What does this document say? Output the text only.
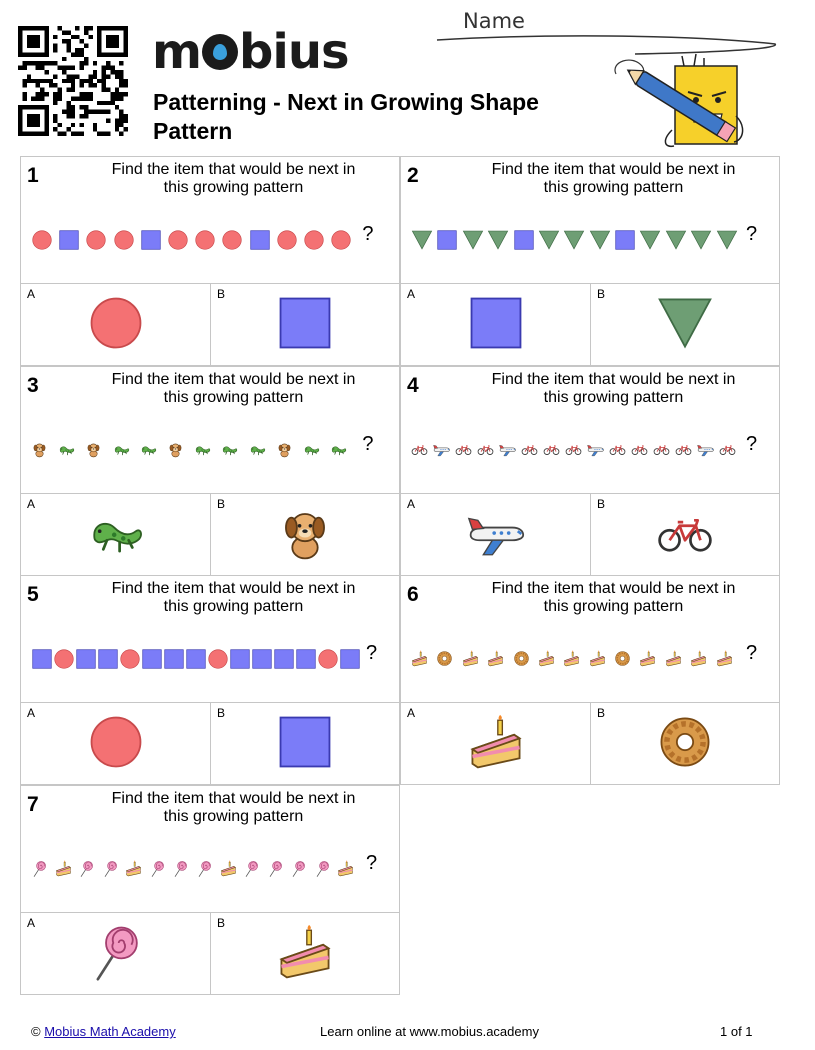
m bius
Patterning - Next in Growing Shape Pattern
Name
1	Find the item that would be next in this growing pattern
?
A	B
2	Find the item that would be next in this growing pattern
?
A	B
3	Find the item that would be next in this growing pattern
?
A	B
4	Find the item that would be next in this growing pattern
?
A	B
5	Find the item that would be next in this growing pattern
?
A	B
6	Find the item that would be next in this growing pattern
?
A	B
7	Find the item that would be next in this growing pattern
?
A	B
© Mobius Math Academy	Learn online at www.mobius.academy	1 of 1
